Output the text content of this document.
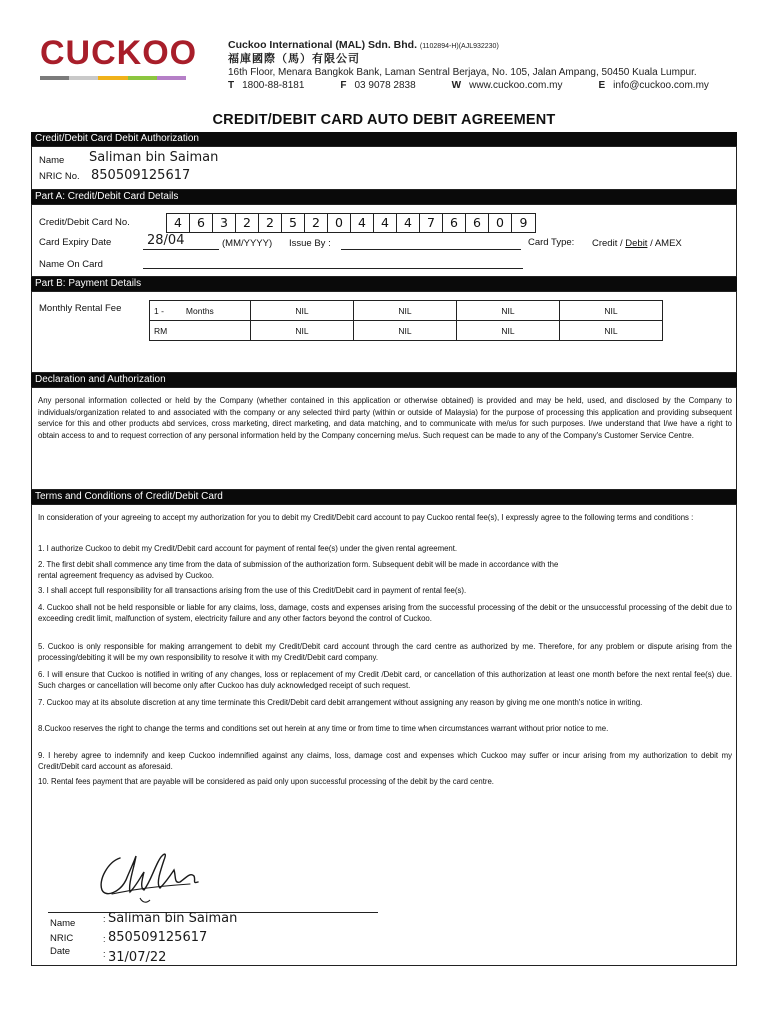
CUCKOO	Cuckoo International (MAL) Sdn. Bhd. (1102894-H)(AJL932230)
福庫國際（馬）有限公司
16th Floor, Menara Bangkok Bank, Laman Sentral Berjaya, No. 105, Jalan Ampang, 50450 Kuala Lumpur.
T 1800-88-8181	F 03 9078 2838	W www.cuckoo.com.my	E info@cuckoo.com.my
CREDIT/DEBIT CARD AUTO DEBIT AGREEMENT
Credit/Debit Card Debit Authorization
Name Saliman bin Saiman
NRIC No. 850509125617
Part A: Credit/Debit Card Details
Credit/Debit Card No.	4	6	3	2	2	5	2	0	4	4	4	7	6	6	0	9
Card Expiry Date	28/04	(MM/YYYY) Issue By :	Card Type: Credit / Debit / AMEX
Name On Card
Part B: Payment Details
Monthly Rental Fee	1 - Months	NIL	NIL	NIL	NIL
RM	NIL	NIL	NIL	NIL
Declaration and Authorization
Any personal information collected or held by the Company (whether contained in this application or otherwise obtained) is provided and may be held, used, and disclosed by the Company to individuals/organization related to and associated with the company or any selected third party (within or outside of Malaysia) for the purpose of processing this application and providing subsequent service for this and other products abd services, cross marketing, direct marketing, and data matching, and to communicate with me/us for such purposes. I/we understand that I/we have a right to obtain access to and to request correction of any personal information held by the Company concerning me/us. Such request can be made to any of the Company's Customer Service Centre.
Terms and Conditions of Credit/Debit Card
In consideration of your agreeing to accept my authorization for you to debit my Credit/Debit card account to pay Cuckoo rental fee(s), I expressly agree to the following terms and conditions :
1. I authorize Cuckoo to debit my Credit/Debit card account for payment of rental fee(s) under the given rental agreement.
2. The first debit shall commence any time from the data of submission of the authorization form. Subsequent debit will be made in accordance with the
rental agreement frequency as advised by Cuckoo.
3. I shall accept full responsibility for all transactions arising from the use of this Credit/Debit card in payment of rental fee(s).
4. Cuckoo shall not be held responsible or liable for any claims, loss, damage, costs and expenses arising from the successful processing of the debit or the unsuccessful processing of the debit due to exceeding credit limit, malfunction of system, electricity failure and any other factors beyond the control of Cuckoo.
5. Cuckoo is only responsible for making arrangement to debit my Credit/Debit card account through the card centre as authorized by me. Therefore, for any problem or dispute arising from the processing/debiting it will be my own responsibility to resolve it with my Credit/Debit card company.
6. I will ensure that Cuckoo is notified in writing of any changes, loss or replacement of my Credit /Debit card, or cancellation of this authorization at least one month before the next rental fee(s) due. Such charges or cancellation will become only after Cuckoo has duly acknowledged receipt of such request.
7. Cuckoo may at its absolute discretion at any time terminate this Credit/Debit card debit arrangement without assigning any reason by giving me one month's notice in writing.
8.Cuckoo reserves the right to change the terms and conditions set out herein at any time or from time to time when circumstances warrant without prior notice to me.
9. I hereby agree to indemnify and keep Cuckoo indemnified against any claims, loss, damage cost and expenses which Cuckoo may suffer or incur arising from my authorization to debit my Credit/Debit card account as aforesaid.
10. Rental fees payment that are payable will be considered as paid only upon successful processing of the debit by the card centre.
Name	: Saliman bin Saiman
NRIC	: 850509125617
Date	: 31/07/22
